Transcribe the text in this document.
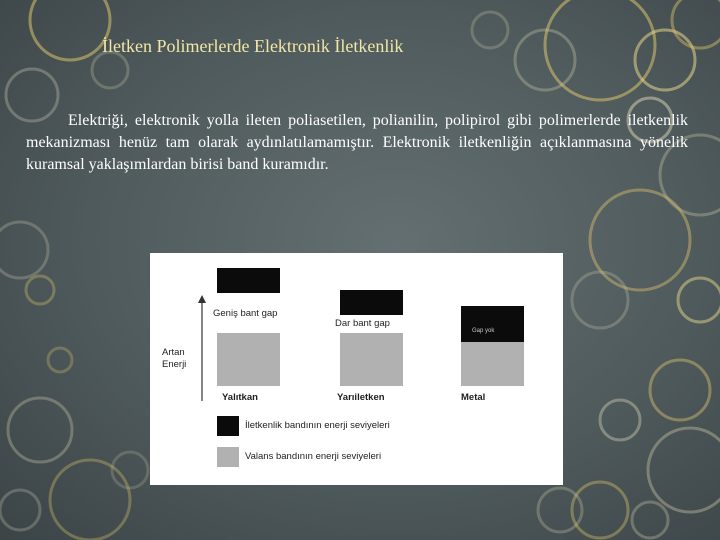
İletken Polimerlerde Elektronik İletkenlik
Elektriği, elektronik yolla ileten poliasetilen, polianilin, polipirol gibi polimerlerde iletkenlik mekanizması henüz tam olarak aydınlatılamamıştır. Elektronik iletkenliğin açıklanmasına yönelik kuramsal yaklaşımlardan birisi band kuramıdır.
Artan
Enerji
Geniş bant gap
Yalıtkan
Dar bant gap
Yarıiletken
Gap yok
Metal
İletkenlik bandının enerji seviyeleri
Valans bandının enerji seviyeleri
